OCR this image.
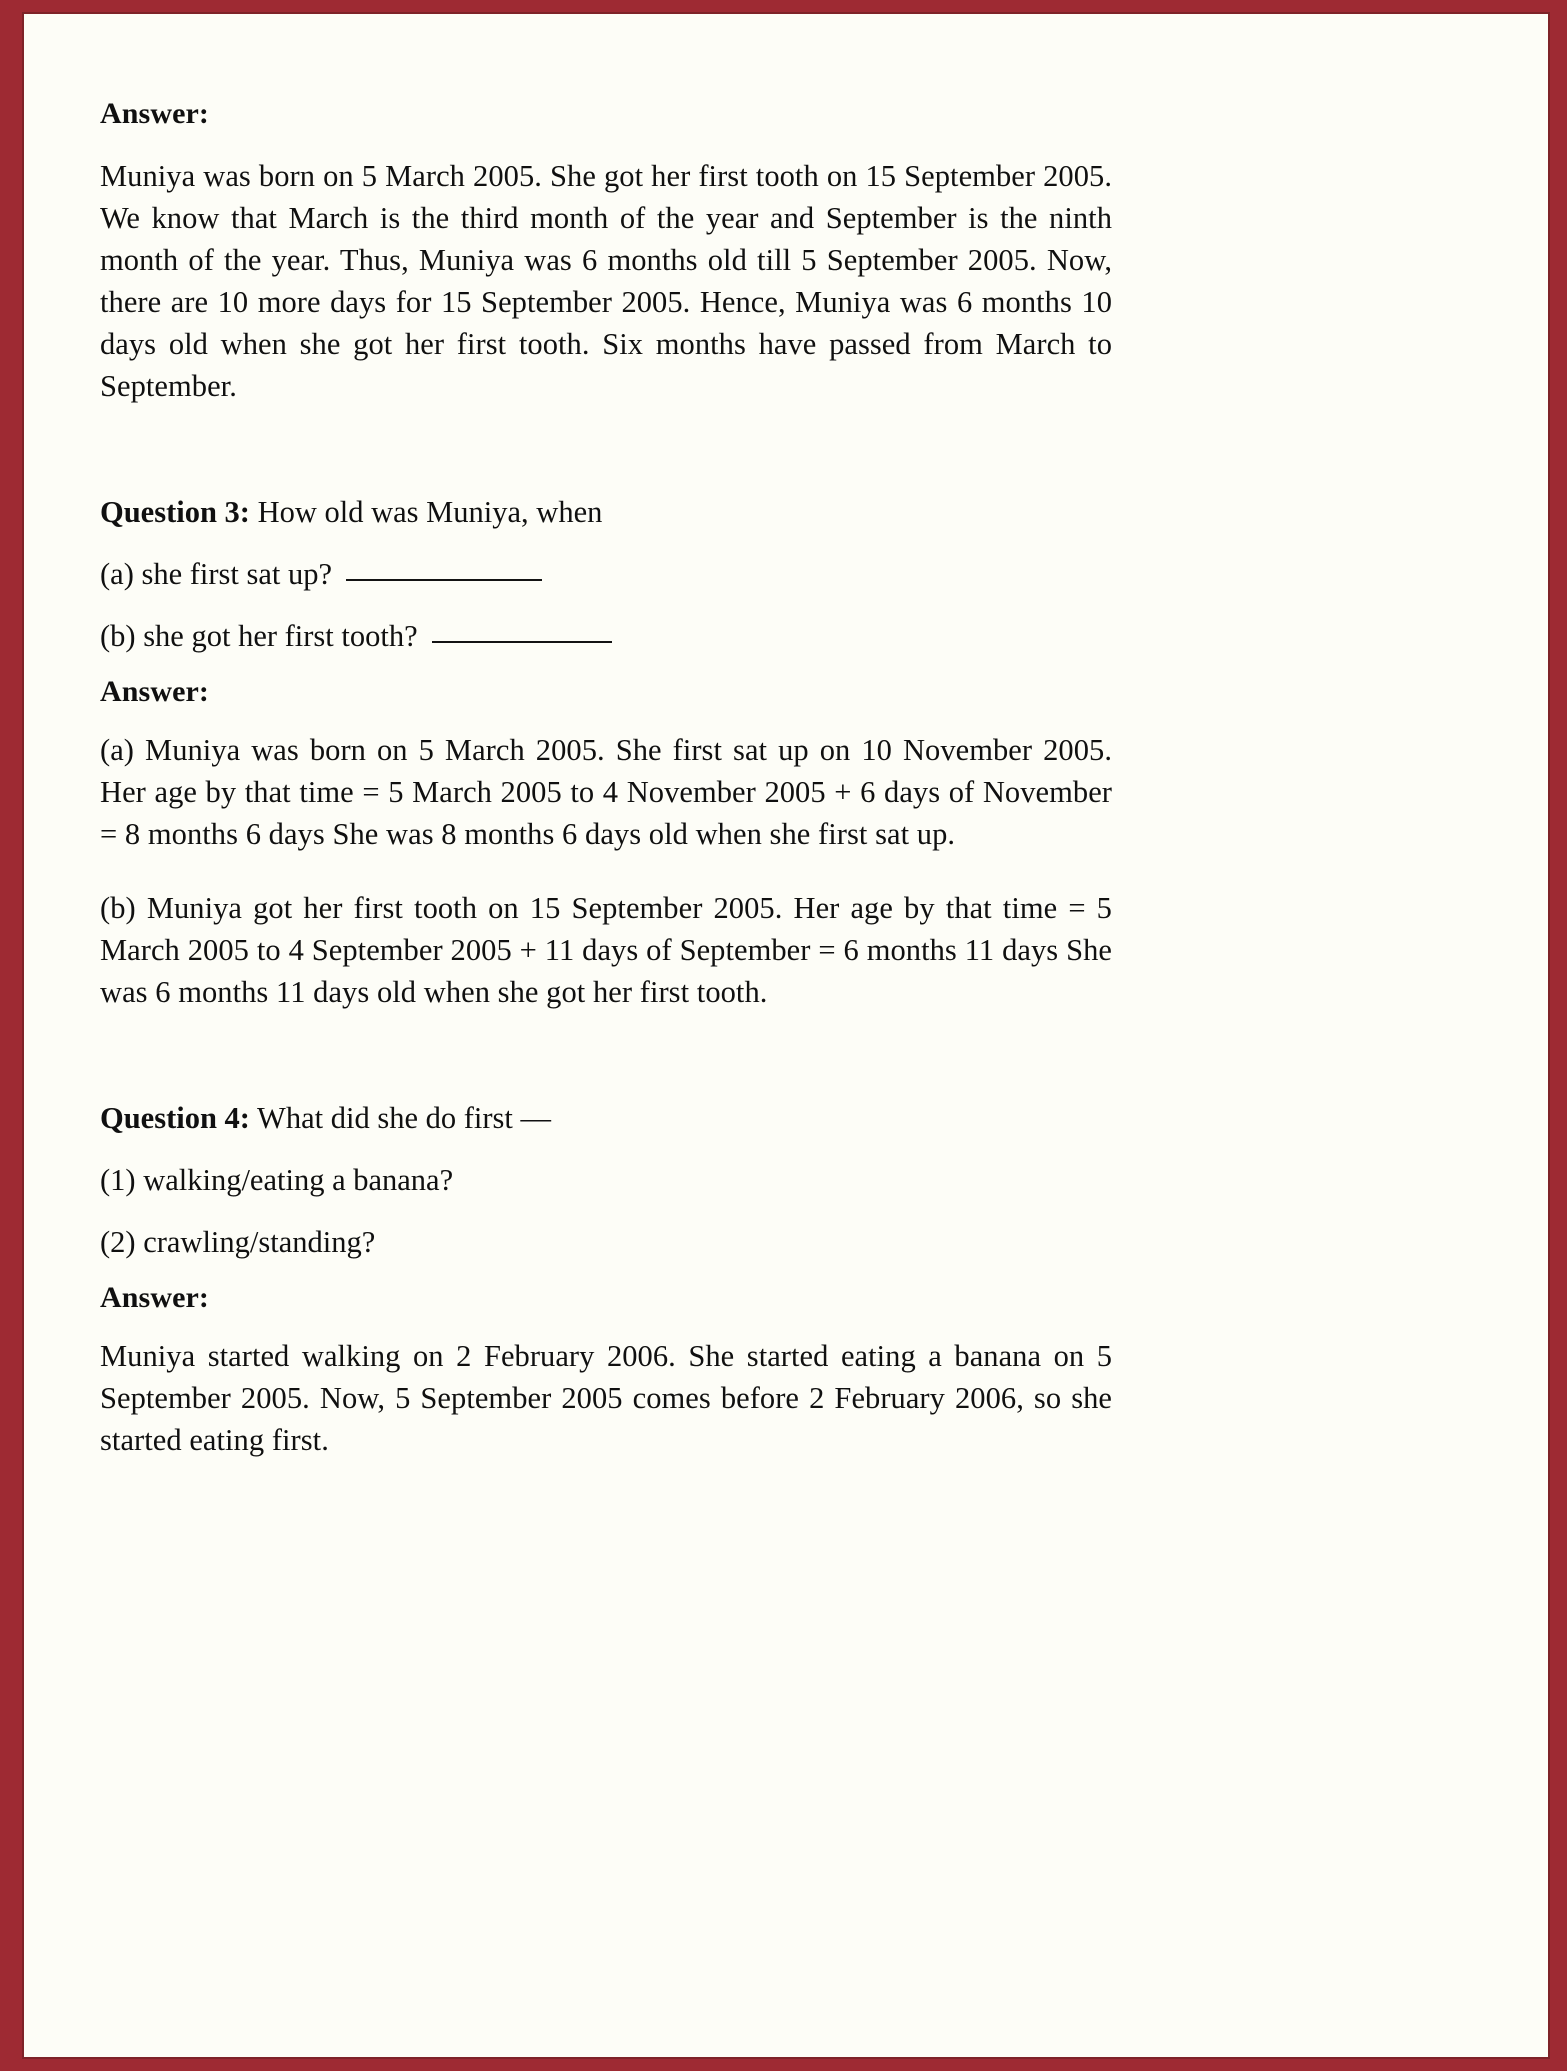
Answer:

Muniya was born on 5 March 2005. She got her first tooth on 15 September 2005. We know that March is the third month of the year and September is the ninth month of the year. Thus, Muniya was 6 months old till 5 September 2005. Now, there are 10 more days for 15 September 2005. Hence, Muniya was 6 months 10 days old when she got her first tooth. Six months have passed from March to September.

Question 3: How old was Muniya, when
(a) she first sat up?
(b) she got her first tooth?
Answer:

(a) Muniya was born on 5 March 2005. She first sat up on 10 November 2005. Her age by that time = 5 March 2005 to 4 November 2005 + 6 days of November = 8 months 6 days She was 8 months 6 days old when she first sat up.

(b) Muniya got her first tooth on 15 September 2005. Her age by that time = 5 March 2005 to 4 September 2005 + 11 days of September = 6 months 11 days She was 6 months 11 days old when she got her first tooth.

Question 4: What did she do first —
(1) walking/eating a banana?
(2) crawling/standing?
Answer:

Muniya started walking on 2 February 2006. She started eating a banana on 5 September 2005. Now, 5 September 2005 comes before 2 February 2006, so she started eating first.
